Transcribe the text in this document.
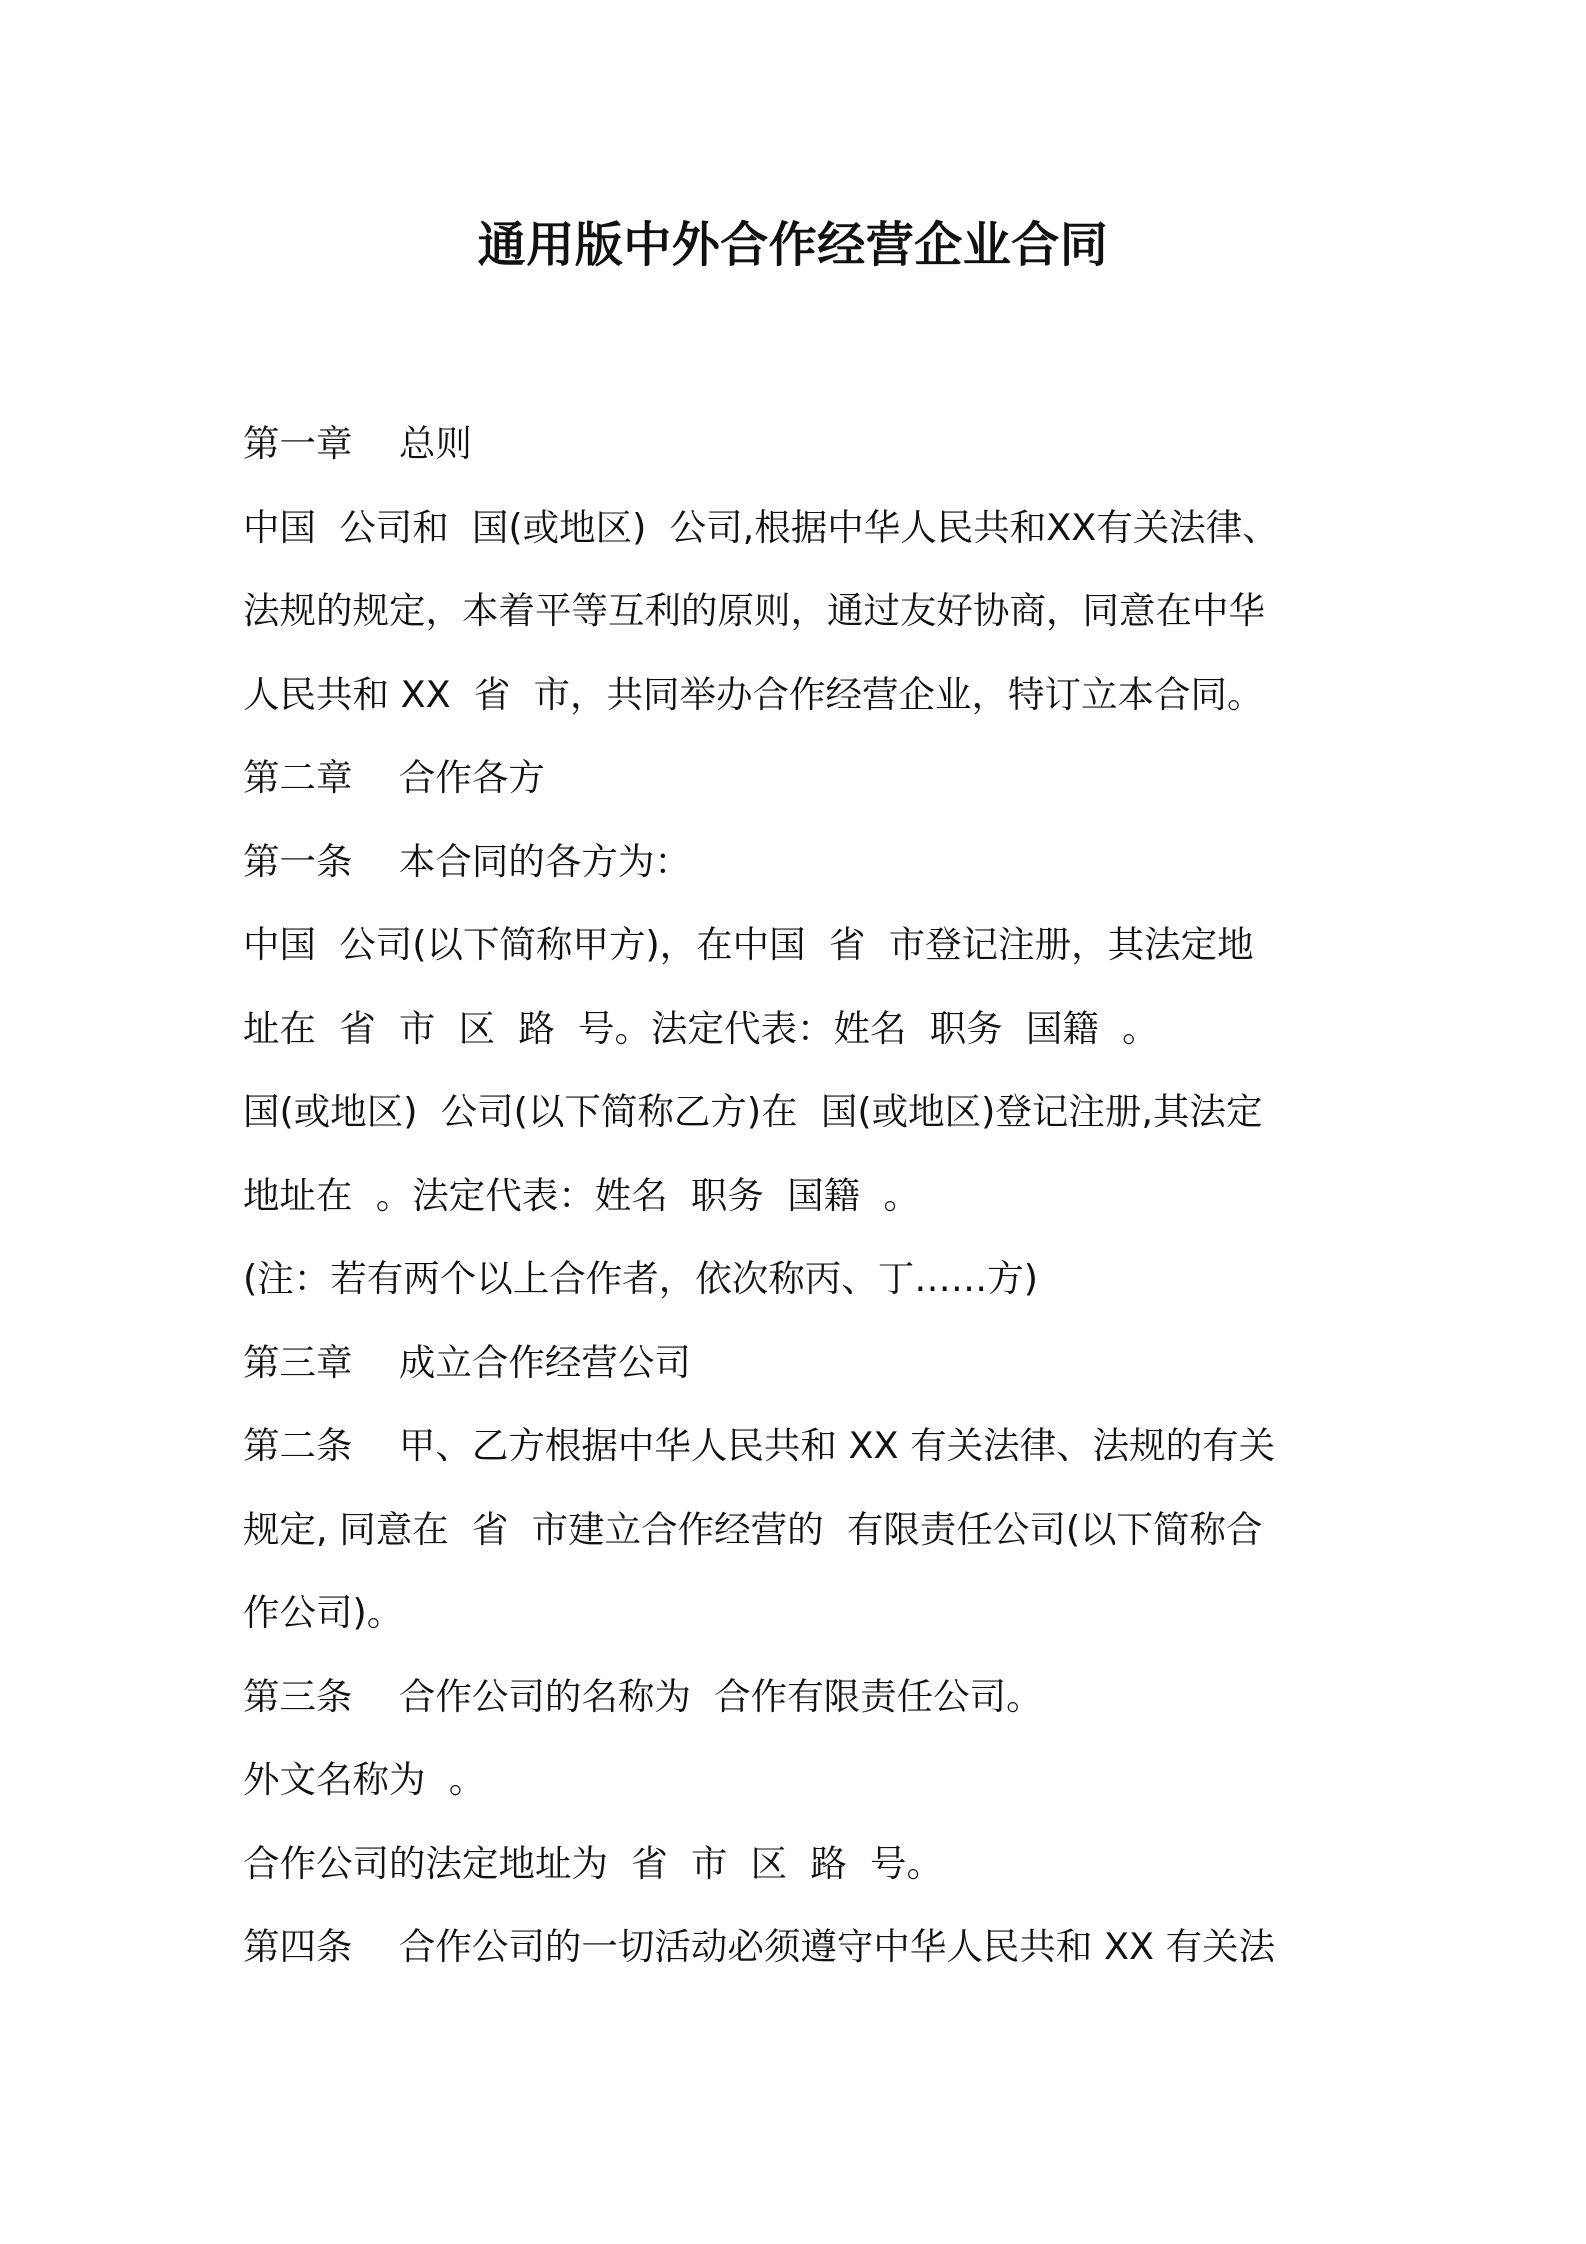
通用版中外合作经营企业合同
第一章    总则
中国  公司和  国(或地区)  公司,根据中华人民共和XX有关法律、
法规的规定，本着平等互利的原则，通过友好协商，同意在中华
人民共和 XX  省  市，共同举办合作经营企业，特订立本合同。
第二章    合作各方
第一条    本合同的各方为：
中国  公司(以下简称甲方)，在中国  省  市登记注册，其法定地
址在  省  市  区  路  号。法定代表：姓名  职务  国籍  。
国(或地区)  公司(以下简称乙方)在  国(或地区)登记注册,其法定
地址在  。法定代表：姓名  职务  国籍  。
(注：若有两个以上合作者，依次称丙、丁……方)
第三章    成立合作经营公司
第二条    甲、乙方根据中华人民共和 XX 有关法律、法规的有关
规定, 同意在  省  市建立合作经营的  有限责任公司(以下简称合
作公司)。
第三条    合作公司的名称为  合作有限责任公司。
外文名称为  。
合作公司的法定地址为  省  市  区  路  号。
第四条    合作公司的一切活动必须遵守中华人民共和 XX 有关法
